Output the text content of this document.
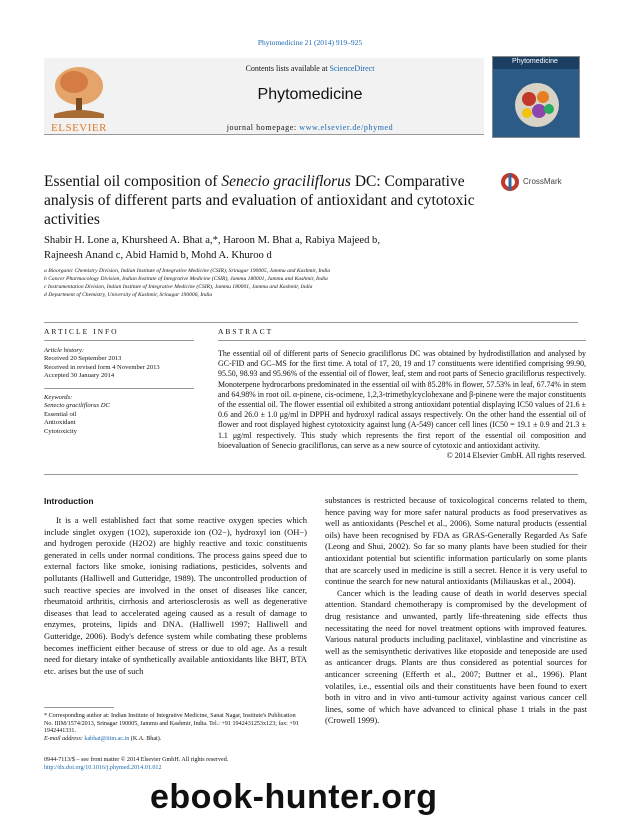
Phytomedicine 21 (2014) 919–925
ELSEVIER
Contents lists available at ScienceDirect
Phytomedicine
journal homepage: www.elsevier.de/phymed
Phytomedicine
Essential oil composition of Senecio graciliflorus DC: Comparative analysis of different parts and evaluation of antioxidant and cytotoxic activities
CrossMark
Shabir H. Lone a, Khursheed A. Bhat a,*, Haroon M. Bhat a, Rabiya Majeed b,
Rajneesh Anand c, Abid Hamid b, Mohd A. Khuroo d
a Bioorganic Chemistry Division, Indian Institute of Integrative Medicine (CSIR), Srinagar 190005, Jammu and Kashmir, India
b Cancer Pharmacology Division, Indian Institute of Integrative Medicine (CSIR), Jammu 180001, Jammu and Kashmir, India
c Instrumentation Division, Indian Institute of Integrative Medicine (CSIR), Jammu 180001, Jammu and Kashmir, India
d Department of Chemistry, University of Kashmir, Srinagar 190006, India
ARTICLE INFO	ABSTRACT
Article history:
Received 20 September 2013
Received in revised form 4 November 2013
Accepted 30 January 2014
Keywords:
Senecio graciliflorus DC
Essential oil
Antioxidant
Cytotoxicity
The essential oil of different parts of Senecio graciliflorus DC was obtained by hydrodistillation and analysed by GC-FID and GC–MS for the first time. A total of 17, 20, 19 and 17 constituents were identified comprising 99.90, 95.50, 98.93 and 95.96% of the essential oil of flower, leaf, stem and root parts of Senecio graciliflorus respectively. Monoterpene hydrocarbons predominated in the essential oil with 85.28% in flower, 57.53% in leaf, 67.74% in stem and 64.98% in root oil. α-pinene, cis-ocimene, 1,2,3-trimethylcyclohexane and β-pinene were the major constituents of the essential oil. The flower essential oil exhibited a strong antioxidant potential displaying IC50 values of 21.6 ± 0.6 and 26.0 ± 1.0 μg/ml in DPPH and hydroxyl radical assays respectively. On the other hand the essential oil of flower and root displayed highest cytotoxicity against lung (A-549) cancer cell lines (IC50 = 19.1 ± 0.9 and 21.3 ± 1.1 μg/ml respectively. This study which represents the first report of the essential oil composition and bioevaluation of Senecio graciliflorus, can serve as a new source of cytotoxic and antioxidant activity.
© 2014 Elsevier GmbH. All rights reserved.
Introduction

It is a well established fact that some reactive oxygen species which include singlet oxygen (1O2), superoxide ion (O2−), hydroxyl ion (OH−) and hydrogen peroxide (H2O2) are highly reactive and toxic constituents generated in cells under normal conditions. The process gains speed due to external factors like smoke, ionising radiations, pesticides, solvents and pollutants (Halliwell and Gutteridge, 1989). The uncontrolled production of such reactive species are involved in the onset of diseases like cancer, rheumatoid arthritis, cirrhosis and arteriosclerosis as well as degenerative diseases that lead to accelerated ageing caused as a result of damage to enzymes, proteins, lipids and DNA. (Halliwell 1997; Halliwell and Gutteridge, 2006). Body's defence system while combating these problems becomes inefficient either because of stress or due to old age. As a result need for dietary intake of synthetically available antioxidants like BHT, BTA etc. arises but the use of such

substances is restricted because of toxicological concerns related to them, hence paving way for more safer natural products as food preservatives as well as antioxidants (Peschel et al., 2006). Some natural products (essential oils) have been recognised by FDA as GRAS-Generally Regarded As Safe (Leong and Shui, 2002). So far so many plants have been studied for their antioxidant potential but scientific information particularly on some plants that are scarcely used in medicine is still a secret. Hence it is very useful to continue the search for new natural antioxidants (Miliauskas et al., 2004).

Cancer which is the leading cause of death in world deserves special attention. Standard chemotherapy is compromised by the development of drug resistance and unwanted, partly life-threatening side effects thus necessitating the need for novel treatment options with improved features. Various natural products including paclitaxel, vinblastine and vincristine as well as the semisynthetic derivatives like etoposide and teneposide are used as anticancer drugs. Plants are thus considered as potential sources for anticancer screening (Efferth et al., 2007; Buttner et al., 1996). Plant volatiles, i.e., essential oils and their constituents have been found to exert both in vitro and in vivo anti-tumour activity against various cancer cell lines, some of which have advanced to clinical phase 1 trials in the past (Crowell 1999).

* Corresponding author at: Indian Institute of Integrative Medicine, Sanat Nagar, Institute's Publication No. IIIM/1574/2013, Srinagar 190005, Jammu and Kashmir, India. Tel.: +91 1942431253x123; fax: +91 1942441331.
E-mail address: kabhat@iiim.ac.in (K.A. Bhat).
0944-7113/$ – see front matter © 2014 Elsevier GmbH. All rights reserved.
http://dx.doi.org/10.1016/j.phymed.2014.01.012
ebook-hunter.org
